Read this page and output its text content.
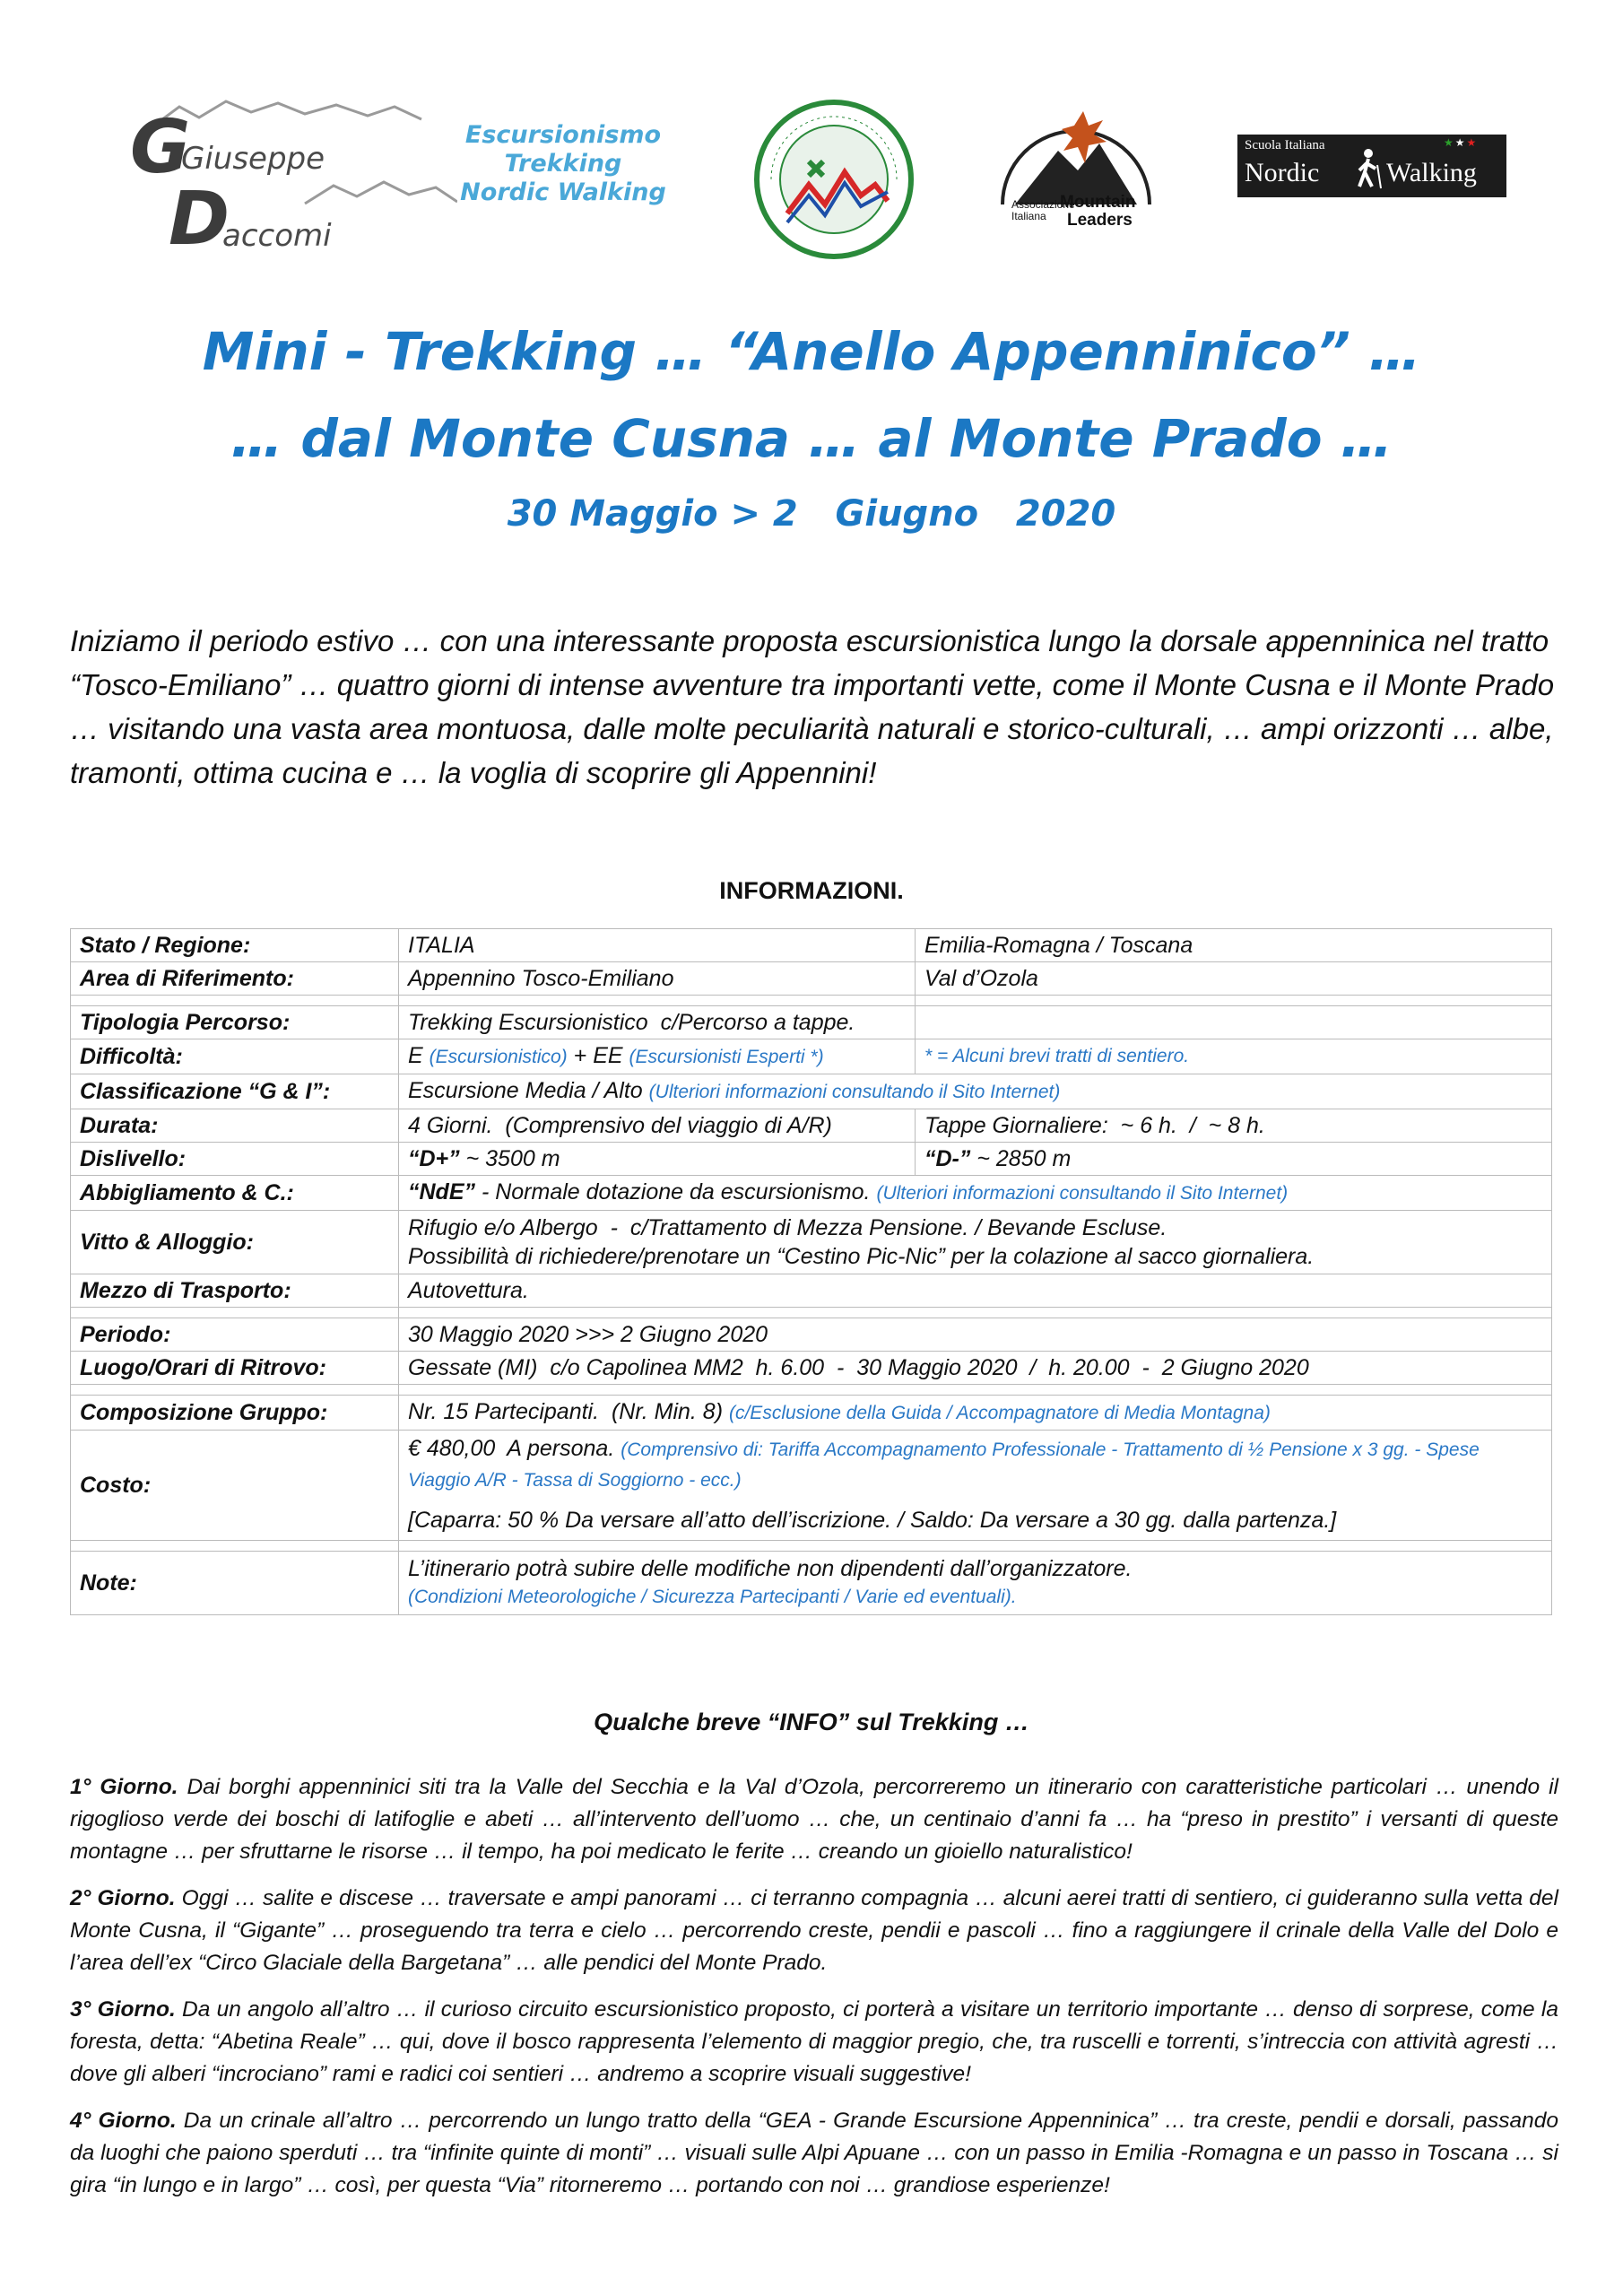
G
Giuseppe
D
accomi
Escursionismo
Trekking
Nordic Walking	Associazione Italiana
Mountain
Leaders
Scuola Italiana	★★★
Nordic Walking
Mini - Trekking … “Anello Appenninico” …
… dal Monte Cusna … al Monte Prado …
30 Maggio > 2   Giugno   2020
Iniziamo il periodo estivo … con una interessante proposta escursionistica lungo la dorsale appenninica nel tratto “Tosco-Emiliano” … quattro giorni di intense avventure tra importanti vette, come il Monte Cusna e il Monte Prado … visitando una vasta area montuosa, dalle molte peculiarità naturali e storico-culturali, … ampi orizzonti … albe, tramonti, ottima cucina e … la voglia di scoprire gli Appennini!
INFORMAZIONI.
Stato / Regione:	ITALIA	Emilia-Romagna / Toscana
Area di Riferimento:	Appennino Tosco-Emiliano	Val d’Ozola

Tipologia Percorso:	Trekking Escursionistico  c/Percorso a tappe.	
Difficoltà:	E (Escursionistico) + EE (Escursionisti Esperti *)	* = Alcuni brevi tratti di sentiero.
Classificazione “G & I”:	Escursione Media / Alto (Ulteriori informazioni consultando il Sito Internet)	
Durata:	4 Giorni.  (Comprensivo del viaggio di A/R)	Tappe Giornaliere:  ~ 6 h.  /  ~ 8 h.
Dislivello:	“D+” ~ 3500 m	“D-” ~ 2850 m
Abbigliamento & C.:	“NdE” - Normale dotazione da escursionismo. (Ulteriori informazioni consultando il Sito Internet)	
Vitto & Alloggio:	Rifugio e/o Albergo  -  c/Trattamento di Mezza Pensione. / Bevande Escluse.
Possibilità di richiedere/prenotare un “Cestino Pic-Nic” per la colazione al sacco giornaliera.	

Mezzo di Trasporto:	Autovettura.	

Periodo:	30 Maggio 2020 >>> 2 Giugno 2020	
Luogo/Orari di Ritrovo:	Gessate (MI)  c/o Capolinea MM2  h. 6.00  -  30 Maggio 2020  /  h. 20.00  -  2 Giugno 2020	

Composizione Gruppo:	Nr. 15 Partecipanti.  (Nr. Min. 8) (c/Esclusione della Guida / Accompagnatore di Media Montagna)	
Costo:	€ 480,00  A persona. (Comprensivo di: Tariffa Accompagnamento Professionale - Trattamento di ½ Pensione x 3 gg. - Spese Viaggio A/R - Tassa di Soggiorno - ecc.)
[Caparra: 50 % Da versare all’atto dell’iscrizione. / Saldo: Da versare a 30 gg. dalla partenza.]	

Note:	L’itinerario potrà subire delle modifiche non dipendenti dall’organizzatore.
(Condizioni Meteorologiche / Sicurezza Partecipanti / Varie ed eventuali).	
Qualche breve “INFO” sul Trekking …

1° Giorno. Dai borghi appenninici siti tra la Valle del Secchia e la Val d’Ozola, percorreremo un itinerario con caratteristiche particolari … unendo il rigoglioso verde dei boschi di latifoglie e abeti … all’intervento dell’uomo … che, un centinaio d’anni fa … ha “preso in prestito” i versanti di queste montagne … per sfruttarne le risorse … il tempo, ha poi medicato le ferite … creando un gioiello naturalistico!

2° Giorno. Oggi … salite e discese … traversate e ampi panorami … ci terranno compagnia … alcuni aerei tratti di sentiero, ci guideranno sulla vetta del Monte Cusna, il “Gigante” … proseguendo tra terra e cielo … percorrendo creste, pendii e pascoli … fino a raggiungere il crinale della Valle del Dolo e l’area dell’ex “Circo Glaciale della Bargetana” … alle pendici del Monte Prado.

3° Giorno. Da un angolo all’altro … il curioso circuito escursionistico proposto, ci porterà a visitare un territorio importante … denso di sorprese, come la foresta, detta: “Abetina Reale” … qui, dove il bosco rappresenta l’elemento di maggior pregio, che, tra ruscelli e torrenti, s’intreccia con attività agresti … dove gli alberi “incrociano” rami e radici coi sentieri … andremo a scoprire visuali suggestive!

4° Giorno. Da un crinale all’altro … percorrendo un lungo tratto della “GEA - Grande Escursione Appenninica” … tra creste, pendii e dorsali, passando da luoghi che paiono sperduti … tra “infinite quinte di monti” … visuali sulle Alpi Apuane … con un passo in Emilia -Romagna e un passo in Toscana … si gira “in lungo e in largo” … così, per questa “Via” ritorneremo … portando con noi … grandiose esperienze!
